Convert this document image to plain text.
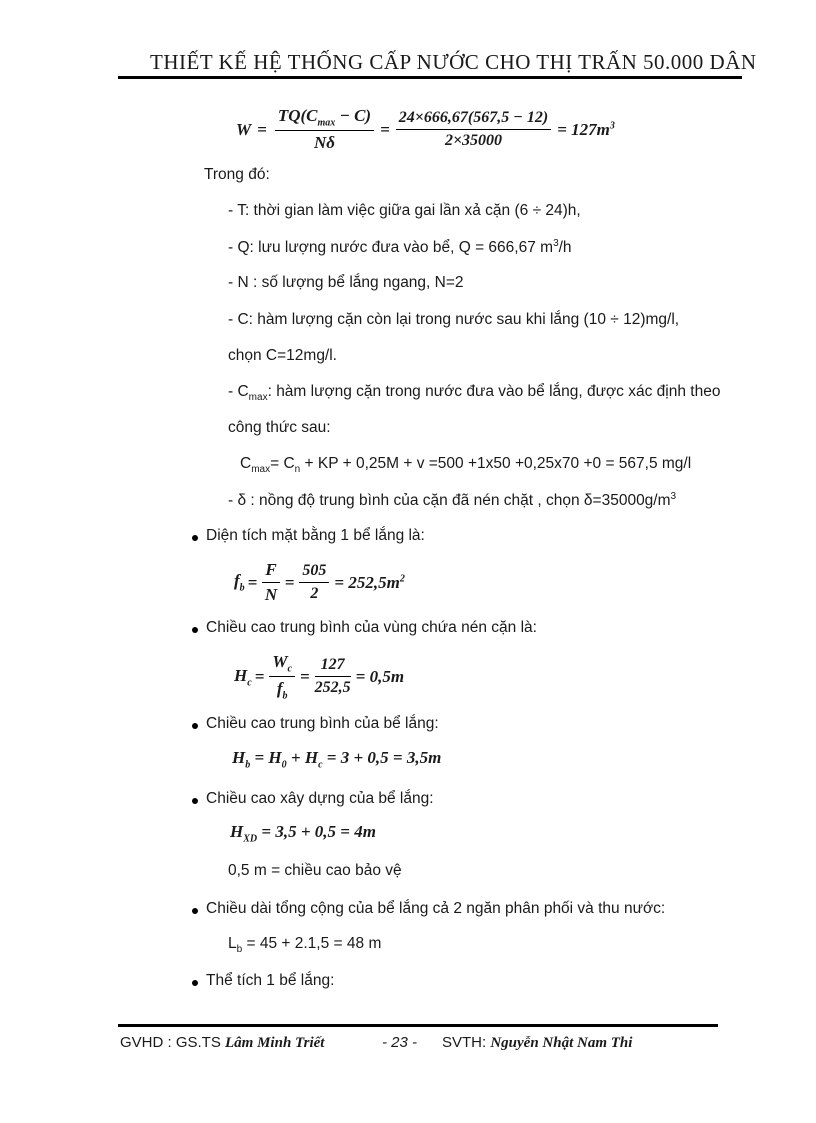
THIẾT KẾ HỆ THỐNG CẤP NƯỚC CHO THỊ TRẤN 50.000 DÂN
$W = \frac{TQ(C_{max} - C)}{N\delta} = \frac{24\times 666,67(567,5 - 12)}{2\times 35000} = 127m^3$
Trong đó:
- T: thời gian làm việc giữa gai lần xả cặn (6 ÷ 24)h,
- Q: lưu lượng nước đưa vào bể, Q = 666,67 $m^3/h$
- N : số lượng bể lắng ngang, N=2
- C: hàm lượng cặn còn lại trong nước sau khi lắng (10 ÷ 12)mg/l,
chọn C=12mg/l.
- $C_{max}$: hàm lượng cặn trong nước đưa vào bể lắng, được xác định theo
công thức sau:
$C_{max}= C_n$ + KP + 0,25M + v =500 +1x50 +0,25x70 +0 = 567,5 mg/l
- δ : nồng độ trung bình của cặn đã nén chặt , chọn $\delta=35000g/m^3$
Diện tích mặt bằng 1 bể lắng là:
$f_b = \frac{F}{N} = \frac{505}{2} = 252,5m^2$
Chiều cao trung bình của vùng chứa nén cặn là:
$H_c = \frac{W_c}{f_b} = \frac{127}{252,5} = 0,5m$
Chiều cao trung bình của bể lắng:
$H_b = H_0 + H_c = 3 + 0,5 = 3,5m$
Chiều cao xây dựng của bể lắng:
$H_{XD} = 3,5 + 0,5 = 4m$
0,5 m = chiều cao bảo vệ
Chiều dài tổng cộng của bể lắng cả 2 ngăn phân phối và thu nước:
$L_b = 45 + 2.1,5 = 48$ m
Thể tích 1 bể lắng:
GVHD : GS.TS Lâm Minh Triết	- 23 - SVTH: Nguyễn Nhật Nam Thi
